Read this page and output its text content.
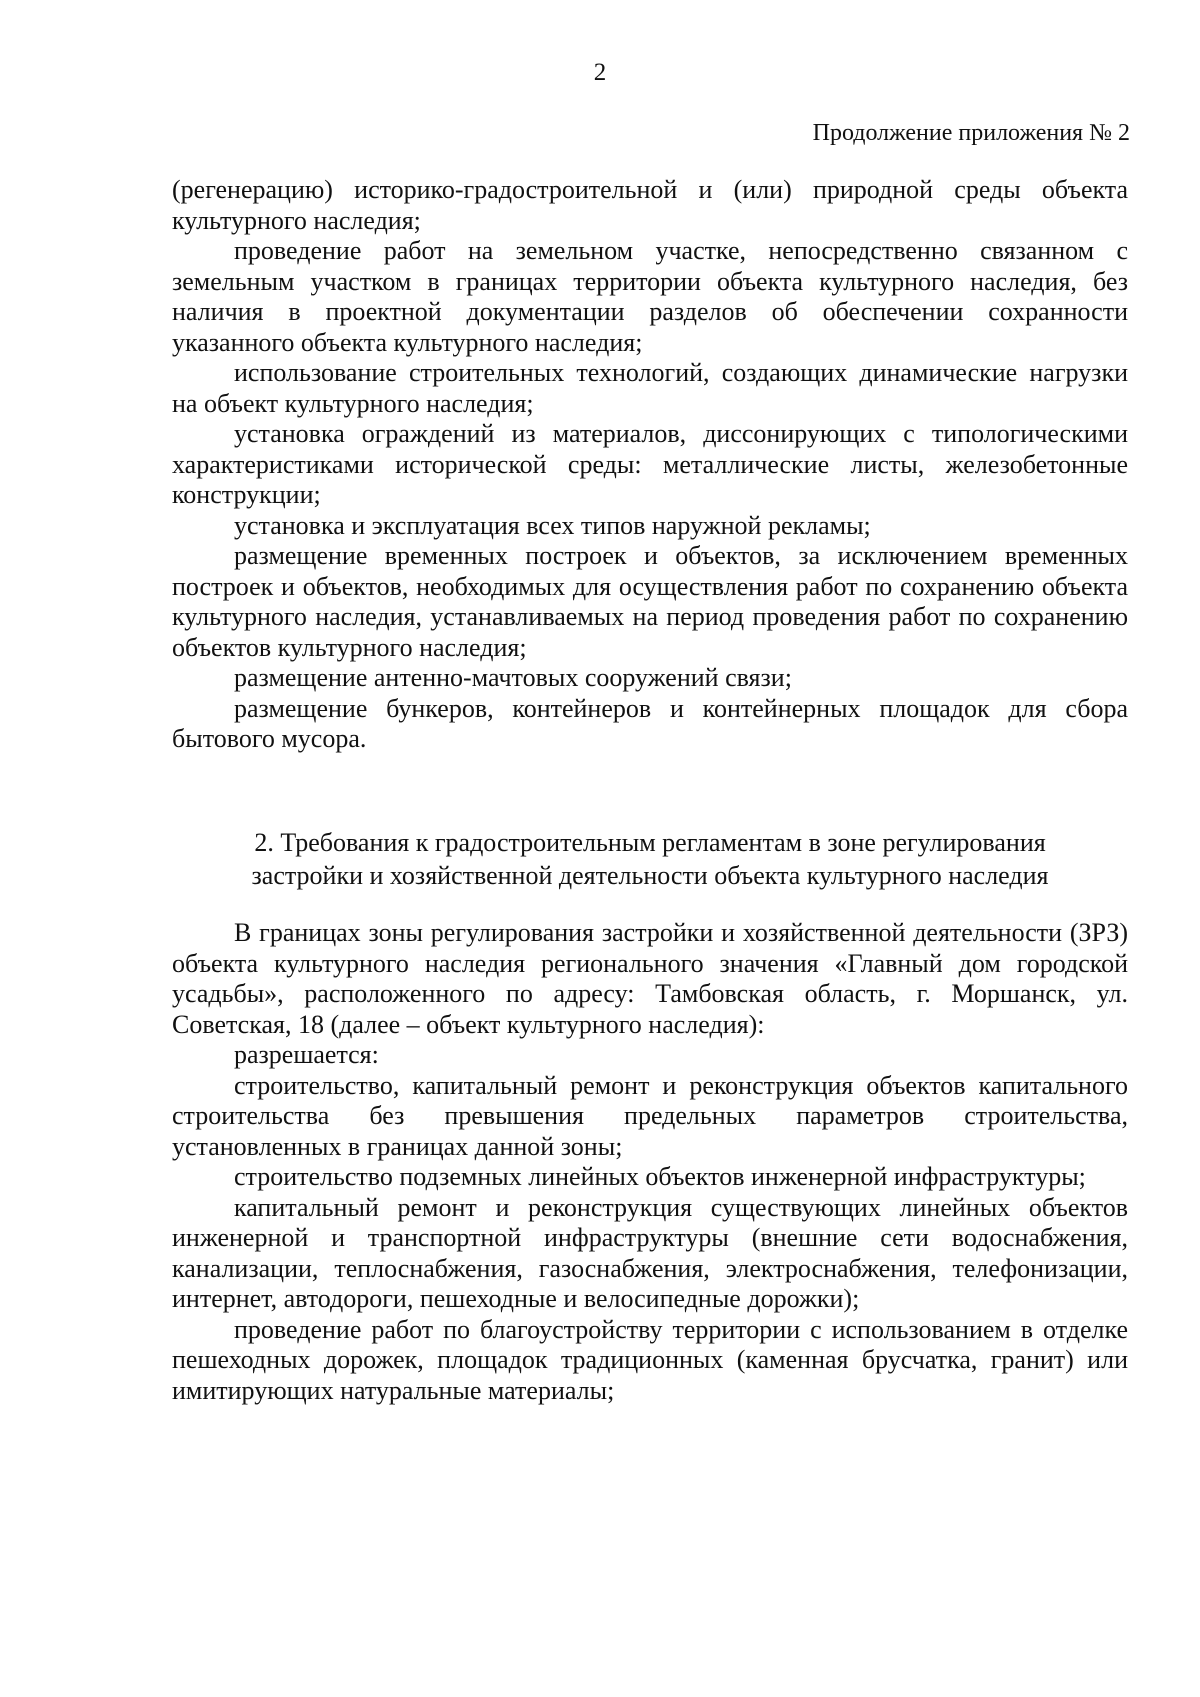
2
Продолжение приложения № 2

(регенерацию) историко-градостроительной и (или) природной среды объекта культурного наследия;

проведение работ на земельном участке, непосредственно связанном с земельным участком в границах территории объекта культурного наследия, без наличия в проектной документации разделов об обеспечении сохранности указанного объекта культурного наследия;

использование строительных технологий, создающих динамические нагрузки на объект культурного наследия;

установка ограждений из материалов, диссонирующих с типологическими характеристиками исторической среды: металлические листы, железобетонные конструкции;

установка и эксплуатация всех типов наружной рекламы;

размещение временных построек и объектов, за исключением временных построек и объектов, необходимых для осуществления работ по сохранению объекта культурного наследия, устанавливаемых на период проведения работ по сохранению объектов культурного наследия;

размещение антенно-мачтовых сооружений связи;

размещение бункеров, контейнеров и контейнерных площадок для сбора бытового мусора.

2. Требования к градостроительным регламентам в зоне регулирования
застройки и хозяйственной деятельности объекта культурного наследия

В границах зоны регулирования застройки и хозяйственной деятельности (ЗРЗ) объекта культурного наследия регионального значения «Главный дом городской усадьбы», расположенного по адресу: Тамбовская область, г. Моршанск, ул. Советская, 18 (далее – объект культурного наследия):

разрешается:

строительство, капитальный ремонт и реконструкция объектов капитального строительства без превышения предельных параметров строительства, установленных в границах данной зоны;

строительство подземных линейных объектов инженерной инфраструктуры;

капитальный ремонт и реконструкция существующих линейных объектов инженерной и транспортной инфраструктуры (внешние сети водоснабжения, канализации, теплоснабжения, газоснабжения, электроснабжения, телефонизации, интернет, автодороги, пешеходные и велосипедные дорожки);

проведение работ по благоустройству территории с использованием в отделке пешеходных дорожек, площадок традиционных (каменная брусчатка, гранит) или имитирующих натуральные материалы;
